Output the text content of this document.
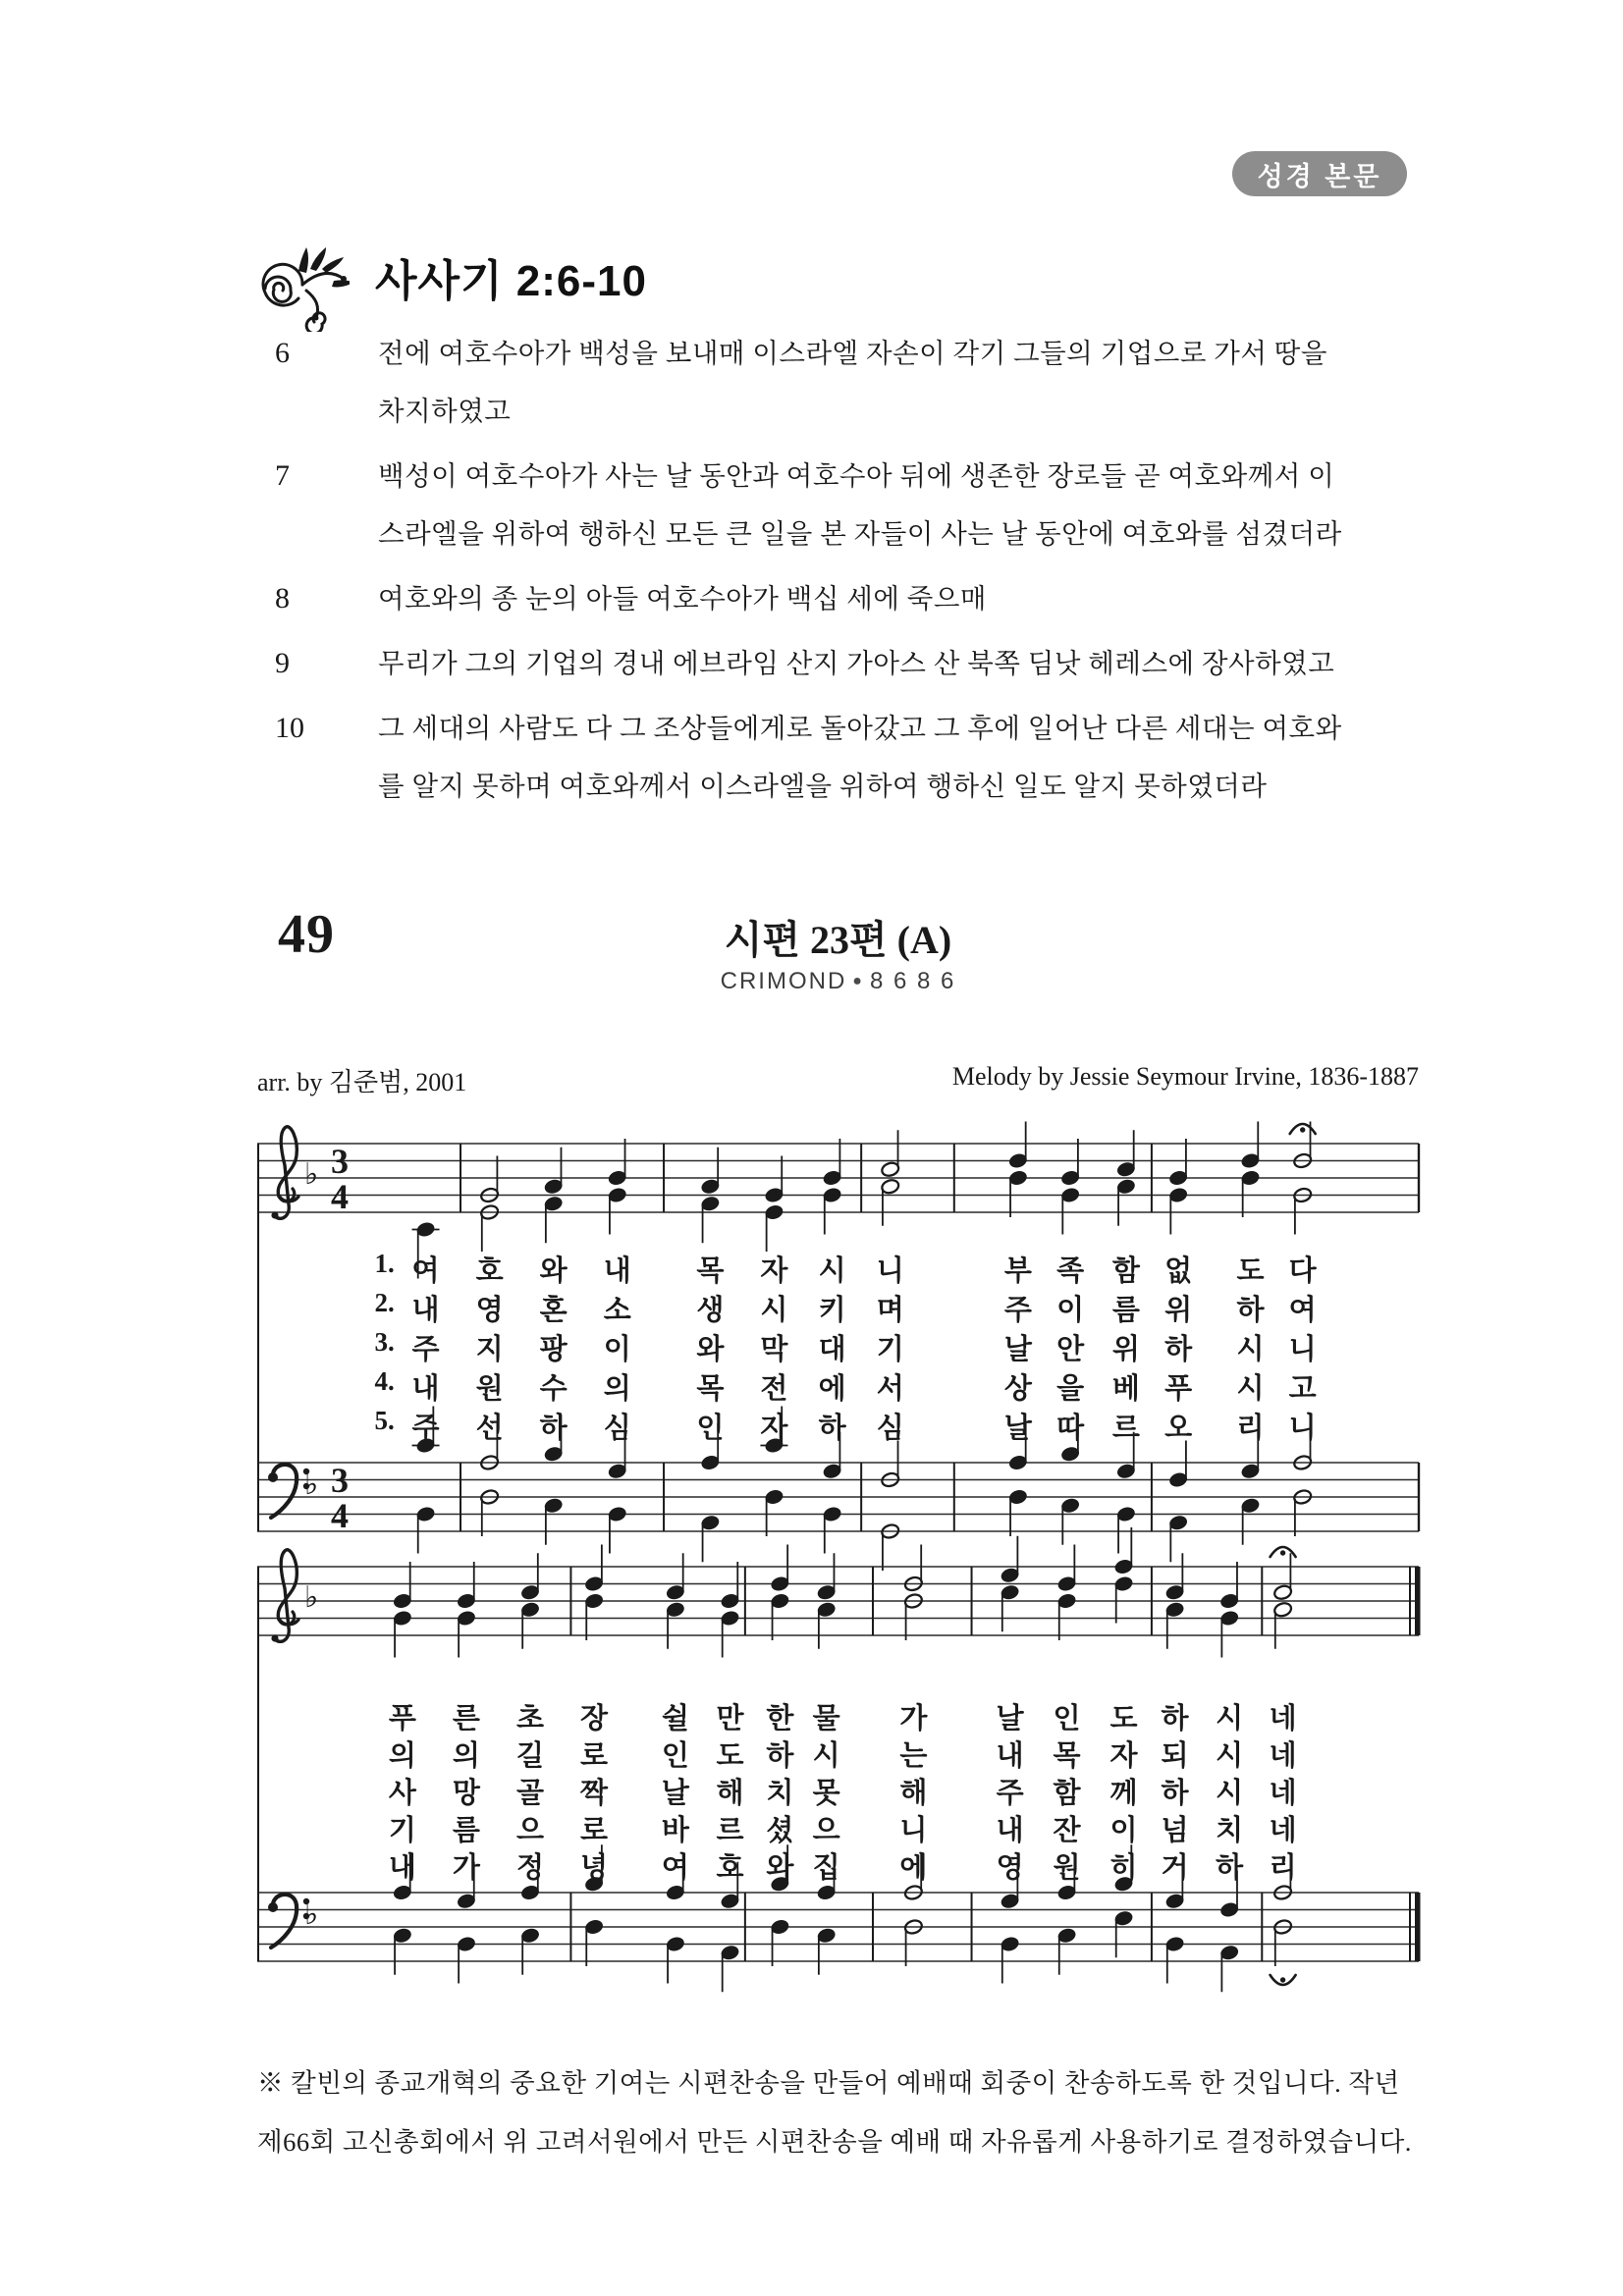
성경 본문
사사기 2:6-10
6	전에 여호수아가 백성을 보내매 이스라엘 자손이 각기 그들의 기업으로 가서 땅을
차지하였고
7	백성이 여호수아가 사는 날 동안과 여호수아 뒤에 생존한 장로들 곧 여호와께서 이
스라엘을 위하여 행하신 모든 큰 일을 본 자들이 사는 날 동안에 여호와를 섬겼더라
8	여호와의 종 눈의 아들 여호수아가 백십 세에 죽으매
9	무리가 그의 기업의 경내 에브라임 산지 가아스 산 북쪽 딤낫 헤레스에 장사하였고
10	그 세대의 사람도 다 그 조상들에게로 돌아갔고 그 후에 일어난 다른 세대는 여호와
를 알지 못하며 여호와께서 이스라엘을 위하여 행하신 일도 알지 못하였더라
49	시편 23편 (A)
CRIMOND ● 8 6 8 6
arr. by 김준범, 2001	Melody by Jessie Seymour Irvine, 1836-1887
♭ 3
4
♭ 3
4
♭
♭
1. 여 호 와 내 목 자 시 니	부 족 함 없 도 다
2. 내 영 혼 소 생 시 키 며	주 이 름 위 하 여
3. 주 지 팡 이 와 막 대 기	날 안 위 하 시 니
4. 내 원 수 의 목 전 에 서	상 을 베 푸 시 고
5. 주 선 하 심 인 자 하 심	날 따 르 오 리 니
푸 른 초 장 쉴 만 한 물 가 날 인 도 하 시 네
의 의 길 로 인 도 하 시 는 내 목 자 되 시 네
사 망 골 짝 날 해 치 못 해 주 함 께 하 시 네
기 름 으 로 바 르 셨 으 니 내 잔 이 넘 치 네
내 가 정 녕 여 호 와 집 에 영 원 히 거 하 리
※ 칼빈의 종교개혁의 중요한 기여는 시편찬송을 만들어 예배때 회중이 찬송하도록 한 것입니다. 작년
제66회 고신총회에서 위 고려서원에서 만든 시편찬송을 예배 때 자유롭게 사용하기로 결정하였습니다.
